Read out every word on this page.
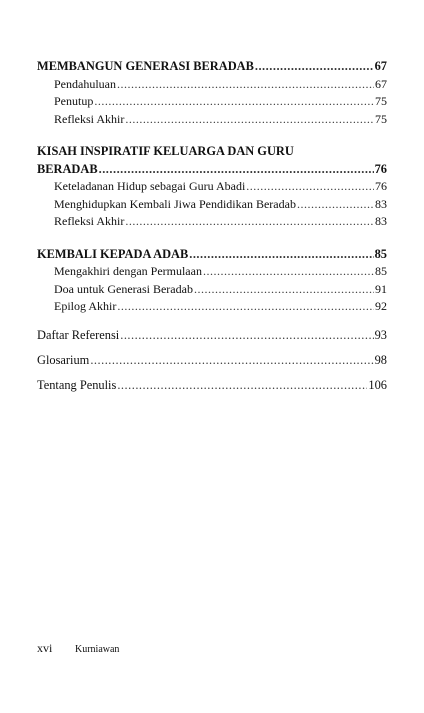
MEMBANGUN GENERASI BERADAB .....	67
Pendahuluan .....	67
Penutup .....	75
Refleksi Akhir .....	75
KISAH INSPIRATIF KELUARGA DAN GURU
BERADAB .....	76
Keteladanan Hidup sebagai Guru Abadi .....	76
Menghidupkan Kembali Jiwa Pendidikan Beradab .....	83
Refleksi Akhir .....	83
KEMBALI KEPADA ADAB .....	85
Mengakhiri dengan Permulaan .....	85
Doa untuk Generasi Beradab .....	91
Epilog Akhir .....	92
Daftar Referensi .....	93
Glosarium .....	98
Tentang Penulis .....	106
xvi	Kurniawan
